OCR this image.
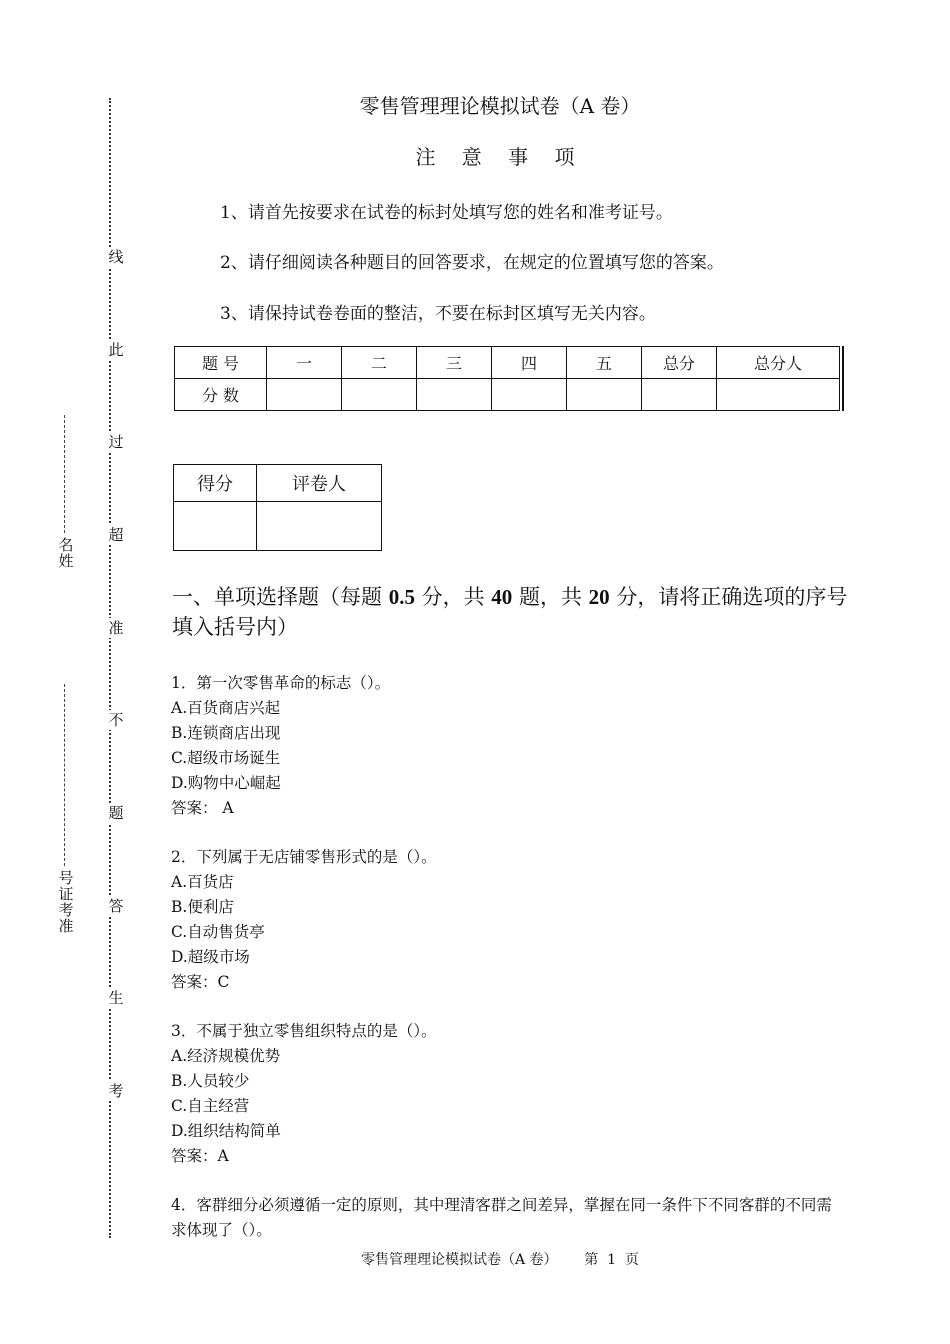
线
此
过
超
准
不
题
答
生
考
名姓
号证考准
零售管理理论模拟试卷（A 卷）
注 意 事 项
1、请首先按要求在试卷的标封处填写您的姓名和准考证号。
2、请仔细阅读各种题目的回答要求，在规定的位置填写您的答案。
3、请保持试卷卷面的整洁，不要在标封区填写无关内容。
题 号	一	二	三	四	五	总分	总分人
分 数							
得分	评卷人

一、单项选择题（每题 0.5 分，共 40 题，共 20 分，请将正确选项的序号填入括号内）
1．第一次零售革命的标志（）。
A.百货商店兴起
B.连锁商店出现
C.超级市场诞生
D.购物中心崛起
答案： A
2．下列属于无店铺零售形式的是（）。
A.百货店
B.便利店
C.自动售货亭
D.超级市场
答案：C
3．不属于独立零售组织特点的是（）。
A.经济规模优势
B.人员较少
C.自主经营
D.组织结构简单
答案：A
4．客群细分必须遵循一定的原则，其中理清客群之间差异，掌握在同一条件下不同客群的不同需求体现了（）。
零售管理理论模拟试卷（A 卷）      第  1  页
